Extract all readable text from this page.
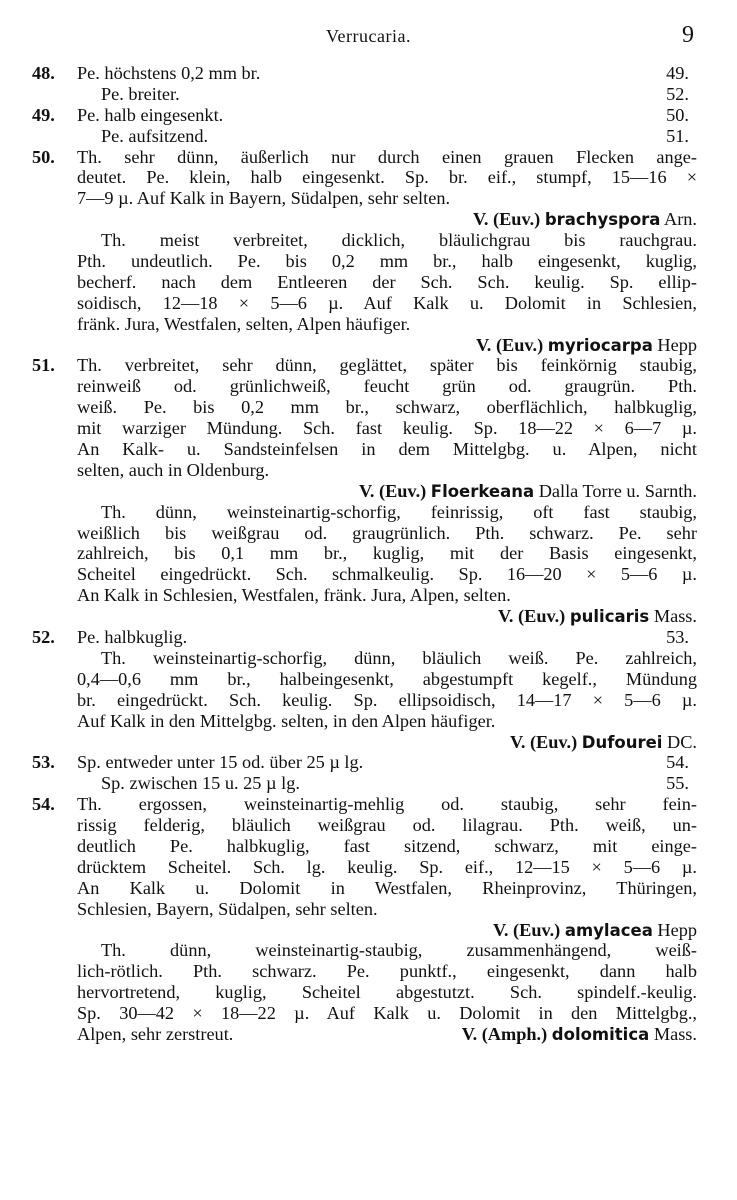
Verrucaria.	9
48. Pe. höchstens 0,2 mm br.	49.
Pe. breiter.	52.
49. Pe. halb eingesenkt.	50.
Pe. aufsitzend.	51.
50. Th. sehr dünn, äußerlich nur durch einen grauen Flecken ange-
deutet. Pe. klein, halb eingesenkt. Sp. br. eif., stumpf, 15—16 ×
7—9 µ. Auf Kalk in Bayern, Südalpen, sehr selten.
V. (Euv.) brachyspora Arn.
Th. meist verbreitet, dicklich, bläulichgrau bis rauchgrau.
Pth. undeutlich. Pe. bis 0,2 mm br., halb eingesenkt, kuglig,
becherf. nach dem Entleeren der Sch. Sch. keulig. Sp. ellip-
soidisch, 12—18 × 5—6 µ. Auf Kalk u. Dolomit in Schlesien,
fränk. Jura, Westfalen, selten, Alpen häufiger.
V. (Euv.) myriocarpa Hepp
51. Th. verbreitet, sehr dünn, geglättet, später bis feinkörnig staubig,
reinweiß od. grünlichweiß, feucht grün od. graugrün. Pth.
weiß. Pe. bis 0,2 mm br., schwarz, oberflächlich, halbkuglig,
mit warziger Mündung. Sch. fast keulig. Sp. 18—22 × 6—7 µ.
An Kalk- u. Sandsteinfelsen in dem Mittelgbg. u. Alpen, nicht
selten, auch in Oldenburg.
V. (Euv.) Floerkeana Dalla Torre u. Sarnth.
Th. dünn, weinsteinartig-schorfig, feinrissig, oft fast staubig,
weißlich bis weißgrau od. graugrünlich. Pth. schwarz. Pe. sehr
zahlreich, bis 0,1 mm br., kuglig, mit der Basis eingesenkt,
Scheitel eingedrückt. Sch. schmalkeulig. Sp. 16—20 × 5—6 µ.
An Kalk in Schlesien, Westfalen, fränk. Jura, Alpen, selten.
V. (Euv.) pulicaris Mass.
52. Pe. halbkuglig.	53.
Th. weinsteinartig-schorfig, dünn, bläulich weiß. Pe. zahlreich,
0,4—0,6 mm br., halbeingesenkt, abgestumpft kegelf., Mündung
br. eingedrückt. Sch. keulig. Sp. ellipsoidisch, 14—17 × 5—6 µ.
Auf Kalk in den Mittelgbg. selten, in den Alpen häufiger.
V. (Euv.) Dufourei DC.
53. Sp. entweder unter 15 od. über 25 µ lg.	54.
Sp. zwischen 15 u. 25 µ lg.	55.
54. Th. ergossen, weinsteinartig-mehlig od. staubig, sehr fein-
rissig felderig, bläulich weißgrau od. lilagrau. Pth. weiß, un-
deutlich Pe. halbkuglig, fast sitzend, schwarz, mit einge-
drücktem Scheitel. Sch. lg. keulig. Sp. eif., 12—15 × 5—6 µ.
An Kalk u. Dolomit in Westfalen, Rheinprovinz, Thüringen,
Schlesien, Bayern, Südalpen, sehr selten.
V. (Euv.) amylacea Hepp
Th. dünn, weinsteinartig-staubig, zusammenhängend, weiß-
lich-rötlich. Pth. schwarz. Pe. punktf., eingesenkt, dann halb
hervortretend, kuglig, Scheitel abgestutzt. Sch. spindelf.-keulig.
Sp. 30—42 × 18—22 µ. Auf Kalk u. Dolomit in den Mittelgbg.,
Alpen, sehr zerstreut.	V. (Amph.) dolomitica Mass.
